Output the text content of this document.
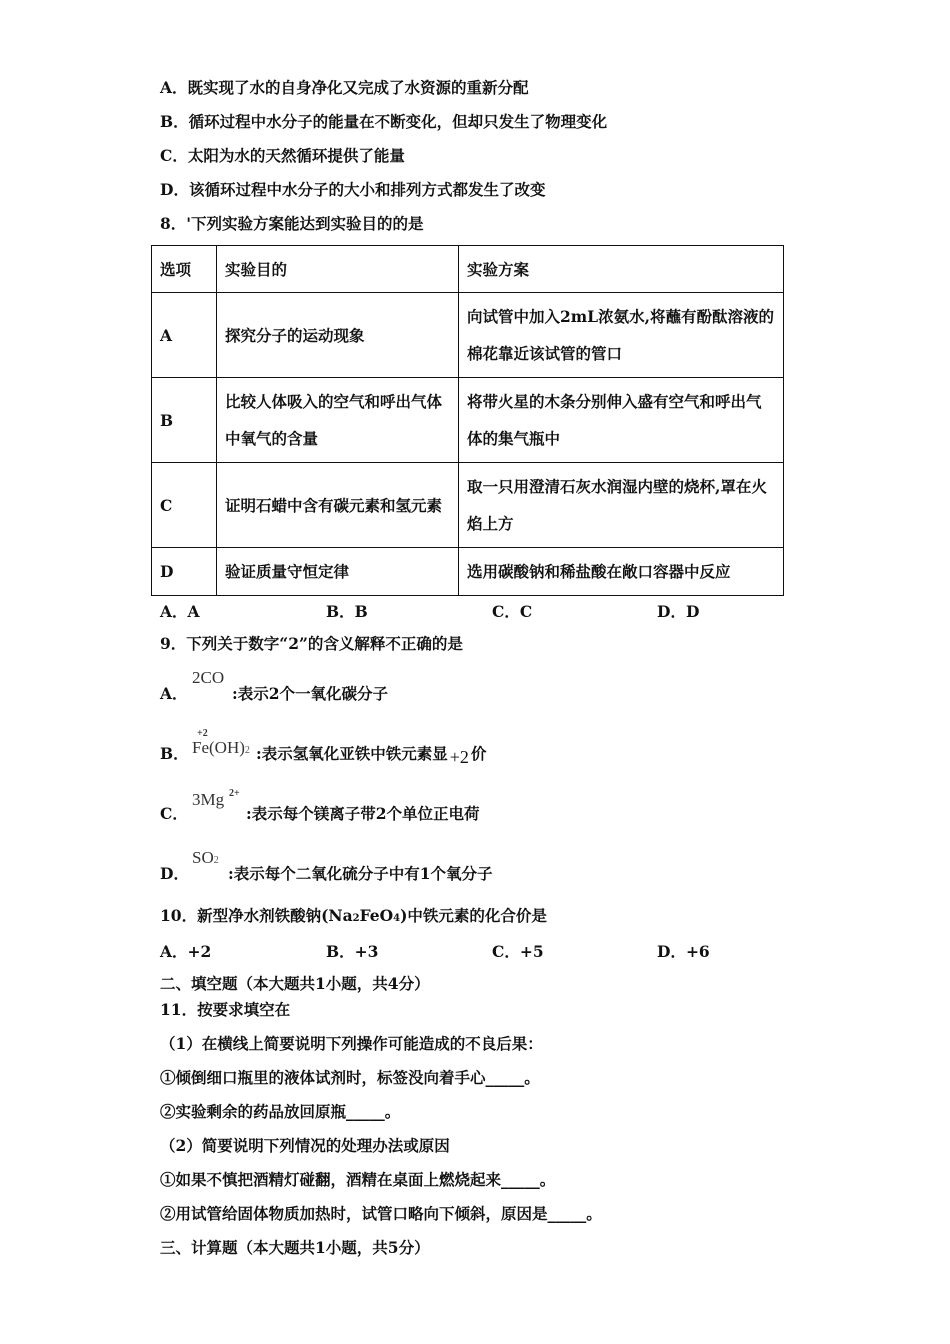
A．既实现了水的自身净化又完成了水资源的重新分配
B．循环过程中水分子的能量在不断变化，但却只发生了物理变化
C．太阳为水的天然循环提供了能量
D．该循环过程中水分子的大小和排列方式都发生了改变
8．'下列实验方案能达到实验目的的是
选项	实验目的	实验方案
A	探究分子的运动现象	向试管中加入2mL浓氨水,将蘸有酚酞溶液的棉花靠近该试管的管口
B	比较人体吸入的空气和呼出气体中氧气的含量	将带火星的木条分别伸入盛有空气和呼出气体的集气瓶中
C	证明石蜡中含有碳元素和氢元素	取一只用澄清石灰水润湿内壁的烧杯,罩在火焰上方
D	验证质量守恒定律	选用碳酸钠和稀盐酸在敞口容器中反应
A．A	B．B	C．C	D．D
9．下列关于数字“2”的含义解释不正确的是
A．
2CO
:表示2个一氧化碳分子
B．
+2
Fe(OH)2 :表示氢氧化亚铁中铁元素显 +2 价
C．
3Mg 2+
:表示每个镁离子带2个单位正电荷
D．
SO2
:表示每个二氧化硫分子中有1个氧分子
10．新型净水剂铁酸钠(Na2FeO4)中铁元素的化合价是
A．+2	B．+3	C．+5	D．+6
二、填空题（本大题共1小题，共4分）
11．按要求填空在
（1）在横线上简要说明下列操作可能造成的不良后果：
①倾倒细口瓶里的液体试剂时，标签没向着手心_____。
②实验剩余的药品放回原瓶_____。
（2）简要说明下列情况的处理办法或原因
①如果不慎把酒精灯碰翻，酒精在桌面上燃烧起来_____。
②用试管给固体物质加热时，试管口略向下倾斜，原因是_____。
三、计算题（本大题共1小题，共5分）
